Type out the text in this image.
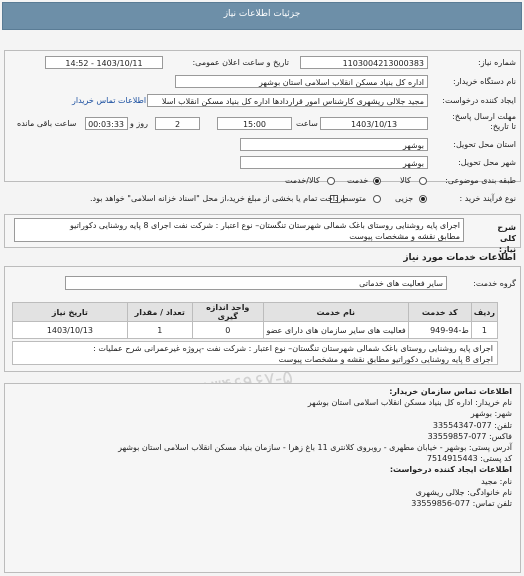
جزئیات اطلاعات نیاز
شماره نیاز:
1103004213000383
تاریخ و ساعت اعلان عمومی:
1403/10/11 - 14:52
نام دستگاه خریدار:
اداره کل بنیاد مسکن انقلاب اسلامی استان بوشهر
ایجاد کننده درخواست:
مجید جلالی ریشهری کارشناس امور قراردادها اداره کل بنیاد مسکن انقلاب اسلا
اطلاعات تماس خریدار
مهلت ارسال پاسخ: تا تاریخ:
1403/10/13
ساعت
15:00
2
روز و
00:03:33
ساعت باقی مانده
استان محل تحویل:
بوشهر
شهر محل تحویل:
بوشهر
طبقه بندی موضوعی:
کالا
خدمت
کالا/خدمت
نوع فرآیند خرید :
جزیی
متوسط
پرداخت تمام یا بخشی از مبلغ خرید،از محل "اسناد خزانه اسلامی" خواهد بود.
شرح کلی نیاز:
اجرای پایه روشنایی روستای باغک شمالی شهرستان تنگستان– نوع اعتبار : شرکت نفت اجرای 8 پایه روشنایی دکوراتیو
مطابق نقشه و مشخصات پیوست
اطلاعات خدمات مورد نیاز
گروه خدمت:
سایر فعالیت های خدماتی
ردیف	کد خدمت	نام خدمت	واحد اندازه گیری	تعداد / مقدار	تاریخ نیاز
1	ط-94-949	فعالیت های سایر سازمان های دارای عضو	0	1	1403/10/13
اجرای پایه روشنایی روستای باغک شمالی شهرستان تنگستان– نوع اعتبار : شرکت نفت -پروژه غیرعمرانی شرح عملیات :
اجرای 8 پایه روشنایی دکوراتیو مطابق نقشه و مشخصات پیوست
اطلاعات تماس سازمان خریدار:
نام خریدار: اداره کل بنیاد مسکن انقلاب اسلامی استان بوشهر
شهر: بوشهر
تلفن: 077-33554347
فاکس: 077-33559857
آدرس پستی: بوشهر - خیابان مطهری - روبروی کلانتری 11 باغ زهرا - سازمان بنیاد مسکن انقلاب اسلامی استان بوشهر
کد پستی: 7514915443
اطلاعات ایجاد کننده درخواست:
نام: مجید
نام خانوادگی: جلالی ریشهری
تلفن تماس: 077-33559856
